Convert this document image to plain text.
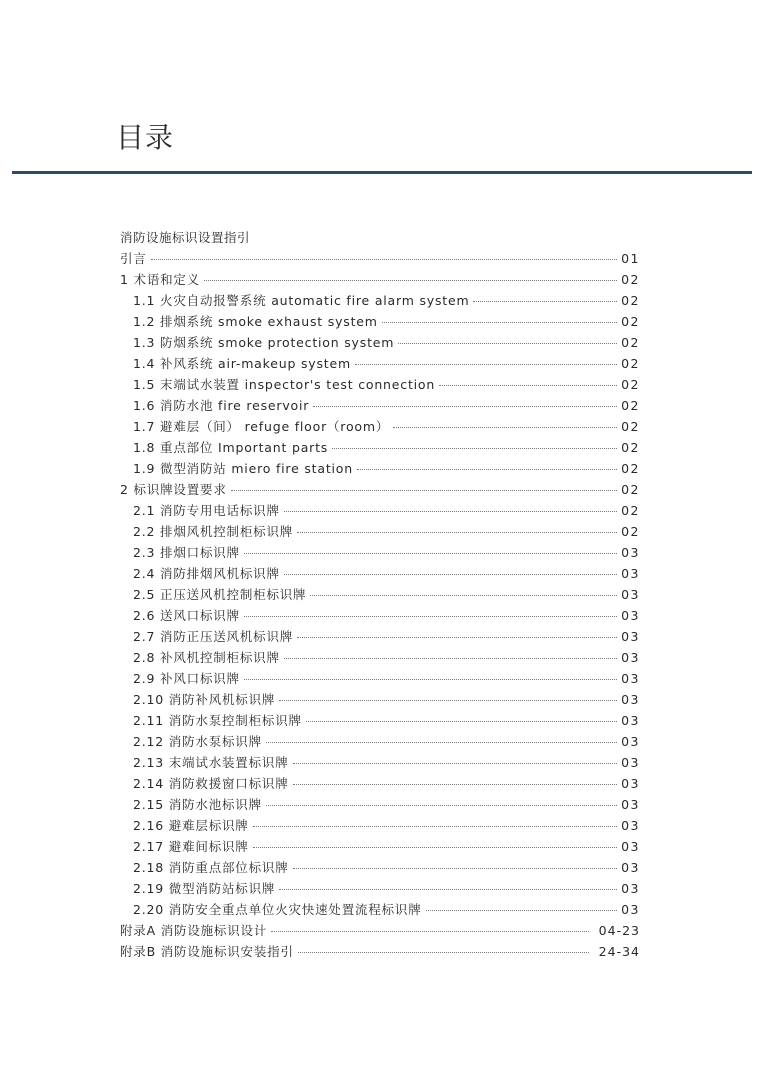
目录
消防设施标识设置指引
引言	01
1 术语和定义	02
1.1 火灾自动报警系统 automatic fire alarm system	02
1.2 排烟系统 smoke exhaust system	02
1.3 防烟系统 smoke protection system	02
1.4 补风系统 air-makeup system	02
1.5 末端试水装置 inspector's test connection	02
1.6 消防水池 fire reservoir	02
1.7 避难层（间） refuge floor（room）	02
1.8 重点部位 Important parts	02
1.9 微型消防站 miero fire station	02
2 标识牌设置要求	02
2.1 消防专用电话标识牌	02
2.2 排烟风机控制柜标识牌	02
2.3 排烟口标识牌	03
2.4 消防排烟风机标识牌	03
2.5 正压送风机控制柜标识牌	03
2.6 送风口标识牌	03
2.7 消防正压送风机标识牌	03
2.8 补风机控制柜标识牌	03
2.9 补风口标识牌	03
2.10 消防补风机标识牌	03
2.11 消防水泵控制柜标识牌	03
2.12 消防水泵标识牌	03
2.13 末端试水装置标识牌	03
2.14 消防救援窗口标识牌	03
2.15 消防水池标识牌	03
2.16 避难层标识牌	03
2.17 避难间标识牌	03
2.18 消防重点部位标识牌	03
2.19 微型消防站标识牌	03
2.20 消防安全重点单位火灾快速处置流程标识牌	03
附录A 消防设施标识设计	04-23
附录B 消防设施标识安装指引	24-34
